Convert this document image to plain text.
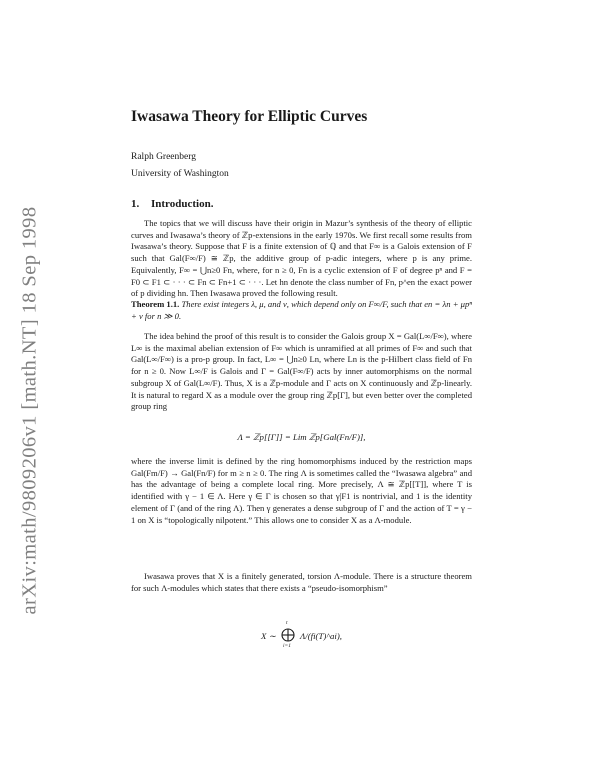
arXiv:math/9809206v1 [math.NT] 18 Sep 1998
Iwasawa Theory for Elliptic Curves
Ralph Greenberg
University of Washington
1. Introduction.

The topics that we will discuss have their origin in Mazur’s synthesis of the theory of elliptic curves and Iwasawa’s theory of ℤp-extensions in the early 1970s. We first recall some results from Iwasawa’s theory. Suppose that F is a finite extension of ℚ and that F∞ is a Galois extension of F such that Gal(F∞/F) ≅ ℤp, the additive group of p-adic integers, where p is any prime. Equivalently, F∞ = ⋃n≥0 Fn, where, for n ≥ 0, Fn is a cyclic extension of F of degree pⁿ and F = F0 ⊂ F1 ⊂ · · · ⊂ Fn ⊂ Fn+1 ⊂ · · ·. Let hn denote the class number of Fn, p^en the exact power of p dividing hn. Then Iwasawa proved the following result.

Theorem 1.1. There exist integers λ, μ, and ν, which depend only on F∞/F, such that en = λn + μpⁿ + ν for n ≫ 0.

The idea behind the proof of this result is to consider the Galois group X = Gal(L∞/F∞), where L∞ is the maximal abelian extension of F∞ which is unramified at all primes of F∞ and such that Gal(L∞/F∞) is a pro-p group. In fact, L∞ = ⋃n≥0 Ln, where Ln is the p-Hilbert class field of Fn for n ≥ 0. Now L∞/F is Galois and Γ = Gal(F∞/F) acts by inner automorphisms on the normal subgroup X of Gal(L∞/F). Thus, X is a ℤp-module and Γ acts on X continuously and ℤp-linearly. It is natural to regard X as a module over the group ring ℤp[Γ], but even better over the completed group ring

Λ = ℤp[[Γ]] = Lim ℤp[Gal(Fn/F)],

where the inverse limit is defined by the ring homomorphisms induced by the restriction maps Gal(Fm/F) → Gal(Fn/F) for m ≥ n ≥ 0. The ring Λ is sometimes called the “Iwasawa algebra” and has the advantage of being a complete local ring. More precisely, Λ ≅ ℤp[[T]], where T is identified with γ − 1 ∈ Λ. Here γ ∈ Γ is chosen so that γ|F1 is nontrivial, and 1 is the identity element of Γ (and of the ring Λ). Then γ generates a dense subgroup of Γ and the action of T = γ − 1 on X is “topologically nilpotent.” This allows one to consider X as a Λ-module.

Iwasawa proves that X is a finitely generated, torsion Λ-module. There is a structure theorem for such Λ-modules which states that there exists a “pseudo-isomorphism”

$_{X \sim}$
t
i=1
$_{\Lambda/(fi(T)\^{}ai),}$
